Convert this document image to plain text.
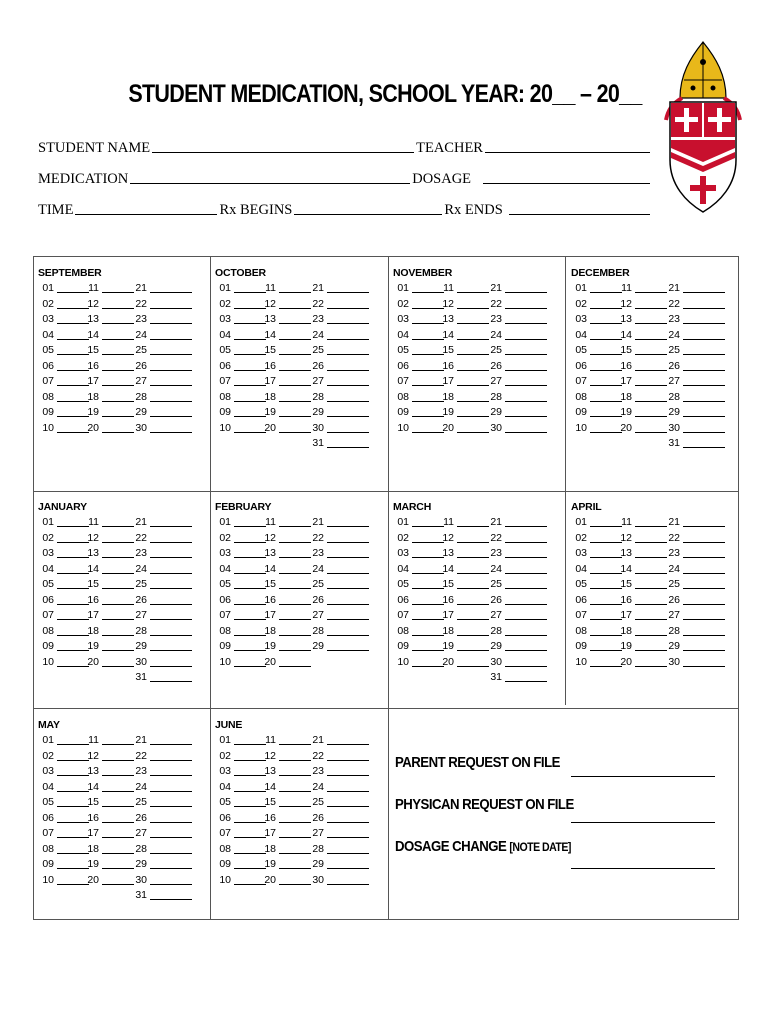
STUDENT MEDICATION, SCHOOL YEAR: 20__ – 20__
STUDENT NAME	TEACHER
MEDICATION	DOSAGE
TIME	Rx BEGINS	Rx ENDS
SEPTEMBER
01	11	21
02	12	22
03	13	23
04	14	24
05	15	25
06	16	26
07	17	27
08	18	28
09	19	29
10	20	30
OCTOBER
01	11	21
02	12	22
03	13	23
04	14	24
05	15	25
06	16	26
07	17	27
08	18	28
09	19	29
10	20	30
31
NOVEMBER
01	11	21
02	12	22
03	13	23
04	14	24
05	15	25
06	16	26
07	17	27
08	18	28
09	19	29
10	20	30
DECEMBER
01	11	21
02	12	22
03	13	23
04	14	24
05	15	25
06	16	26
07	17	27
08	18	28
09	19	29
10	20	30
31
JANUARY
01	11	21
02	12	22
03	13	23
04	14	24
05	15	25
06	16	26
07	17	27
08	18	28
09	19	29
10	20	30
31
FEBRUARY
01	11	21
02	12	22
03	13	23
04	14	24
05	15	25
06	16	26
07	17	27
08	18	28
09	19	29
10	20
MARCH
01	11	21
02	12	22
03	13	23
04	14	24
05	15	25
06	16	26
07	17	27
08	18	28
09	19	29
10	20	30
31
APRIL
01	11	21
02	12	22
03	13	23
04	14	24
05	15	25
06	16	26
07	17	27
08	18	28
09	19	29
10	20	30
MAY
01	11	21
02	12	22
03	13	23
04	14	24
05	15	25
06	16	26
07	17	27
08	18	28
09	19	29
10	20	30
31
JUNE
01	11	21
02	12	22
03	13	23
04	14	24
05	15	25
06	16	26
07	17	27
08	18	28
09	19	29
10	20	30
PARENT REQUEST ON FILE
PHYSICAN REQUEST ON FILE
DOSAGE CHANGE [NOTE DATE]
